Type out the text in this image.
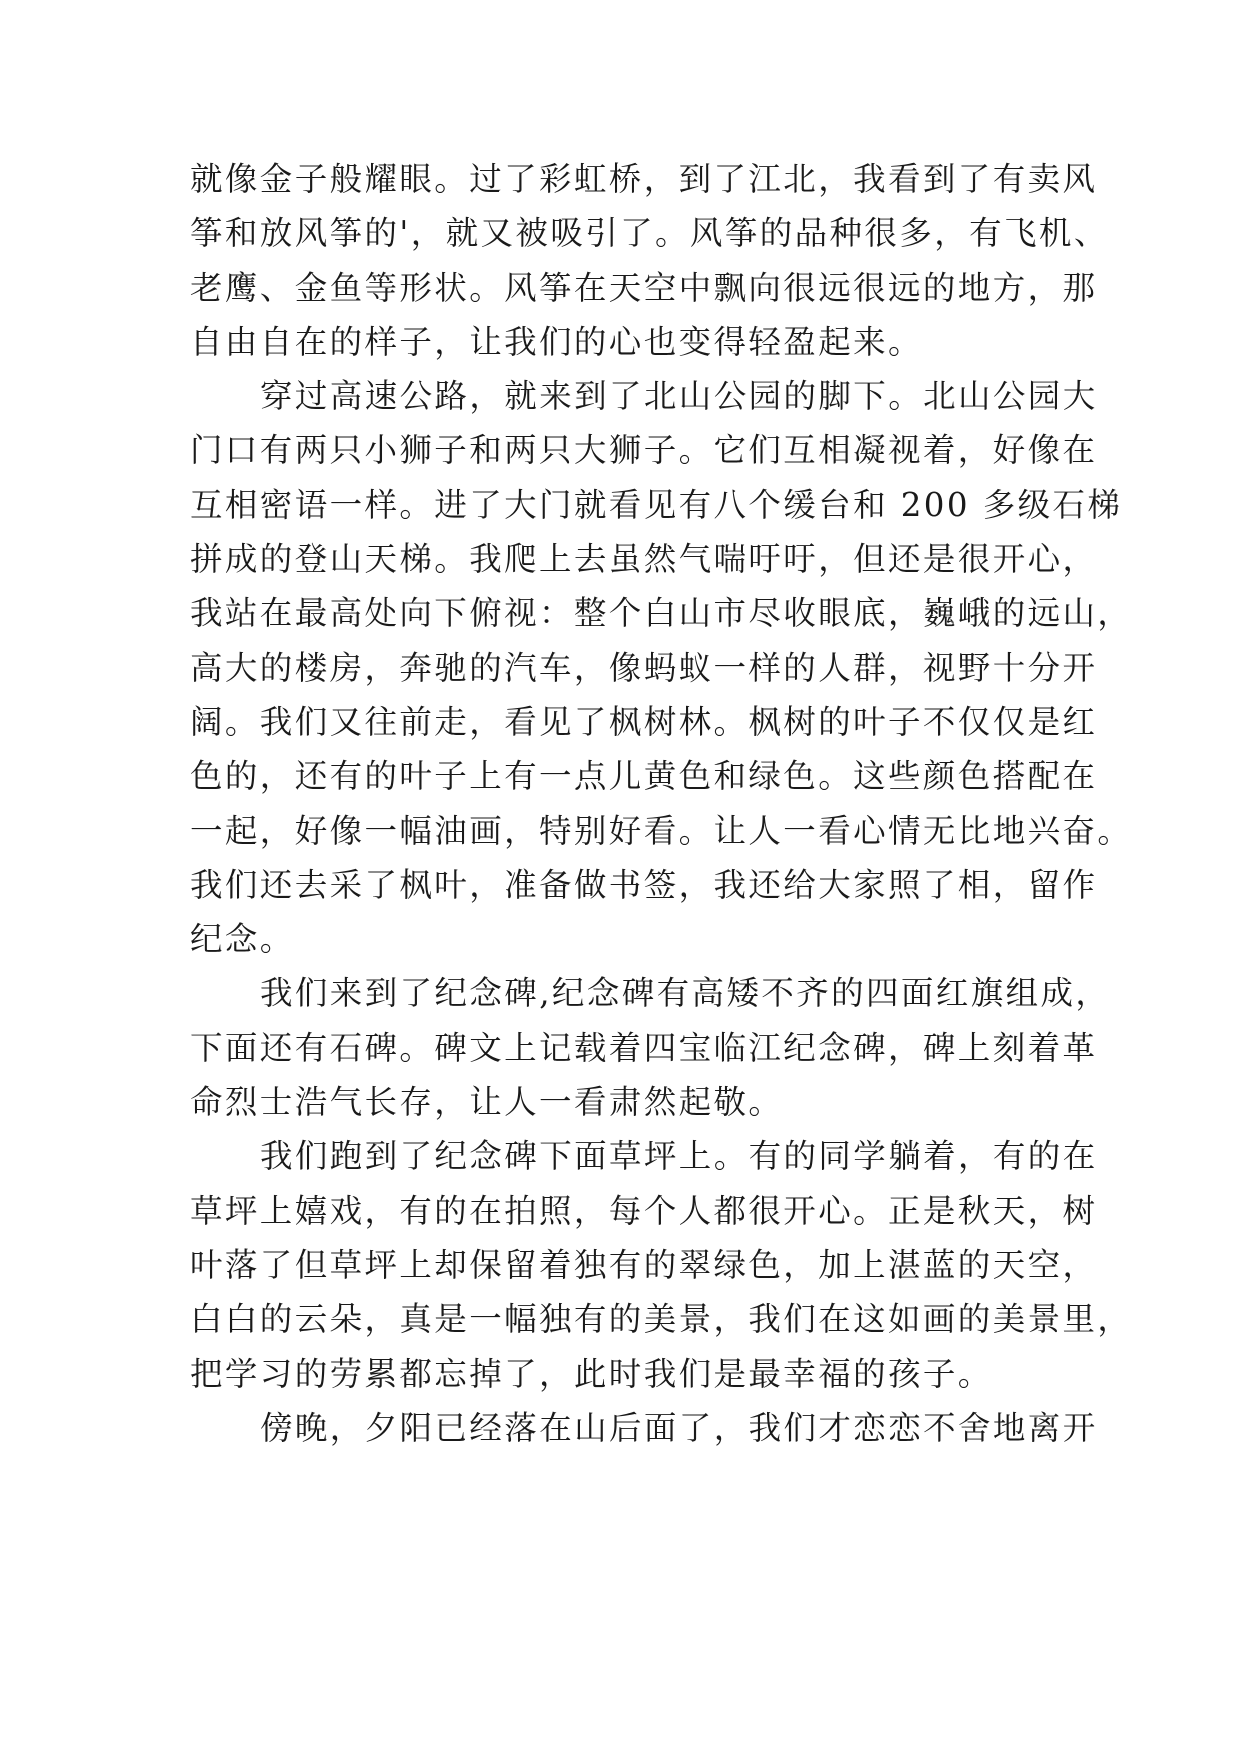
就像金子般耀眼。过了彩虹桥，到了江北，我看到了有卖风
筝和放风筝的'，就又被吸引了。风筝的品种很多，有飞机、
老鹰、金鱼等形状。风筝在天空中飘向很远很远的地方，那
自由自在的样子，让我们的心也变得轻盈起来。
穿过高速公路，就来到了北山公园的脚下。北山公园大
门口有两只小狮子和两只大狮子。它们互相凝视着，好像在
互相密语一样。进了大门就看见有八个缓台和 200 多级石梯
拼成的登山天梯。我爬上去虽然气喘吁吁，但还是很开心，
我站在最高处向下俯视：整个白山市尽收眼底，巍峨的远山，
高大的楼房，奔驰的汽车，像蚂蚁一样的人群，视野十分开
阔。我们又往前走，看见了枫树林。枫树的叶子不仅仅是红
色的，还有的叶子上有一点儿黄色和绿色。这些颜色搭配在
一起，好像一幅油画，特别好看。让人一看心情无比地兴奋。
我们还去采了枫叶，准备做书签，我还给大家照了相，留作
纪念。
我们来到了纪念碑,纪念碑有高矮不齐的四面红旗组成，
下面还有石碑。碑文上记载着四宝临江纪念碑，碑上刻着革
命烈士浩气长存，让人一看肃然起敬。
我们跑到了纪念碑下面草坪上。有的同学躺着，有的在
草坪上嬉戏，有的在拍照，每个人都很开心。正是秋天，树
叶落了但草坪上却保留着独有的翠绿色，加上湛蓝的天空，
白白的云朵，真是一幅独有的美景，我们在这如画的美景里，
把学习的劳累都忘掉了，此时我们是最幸福的孩子。
傍晚，夕阳已经落在山后面了，我们才恋恋不舍地离开
